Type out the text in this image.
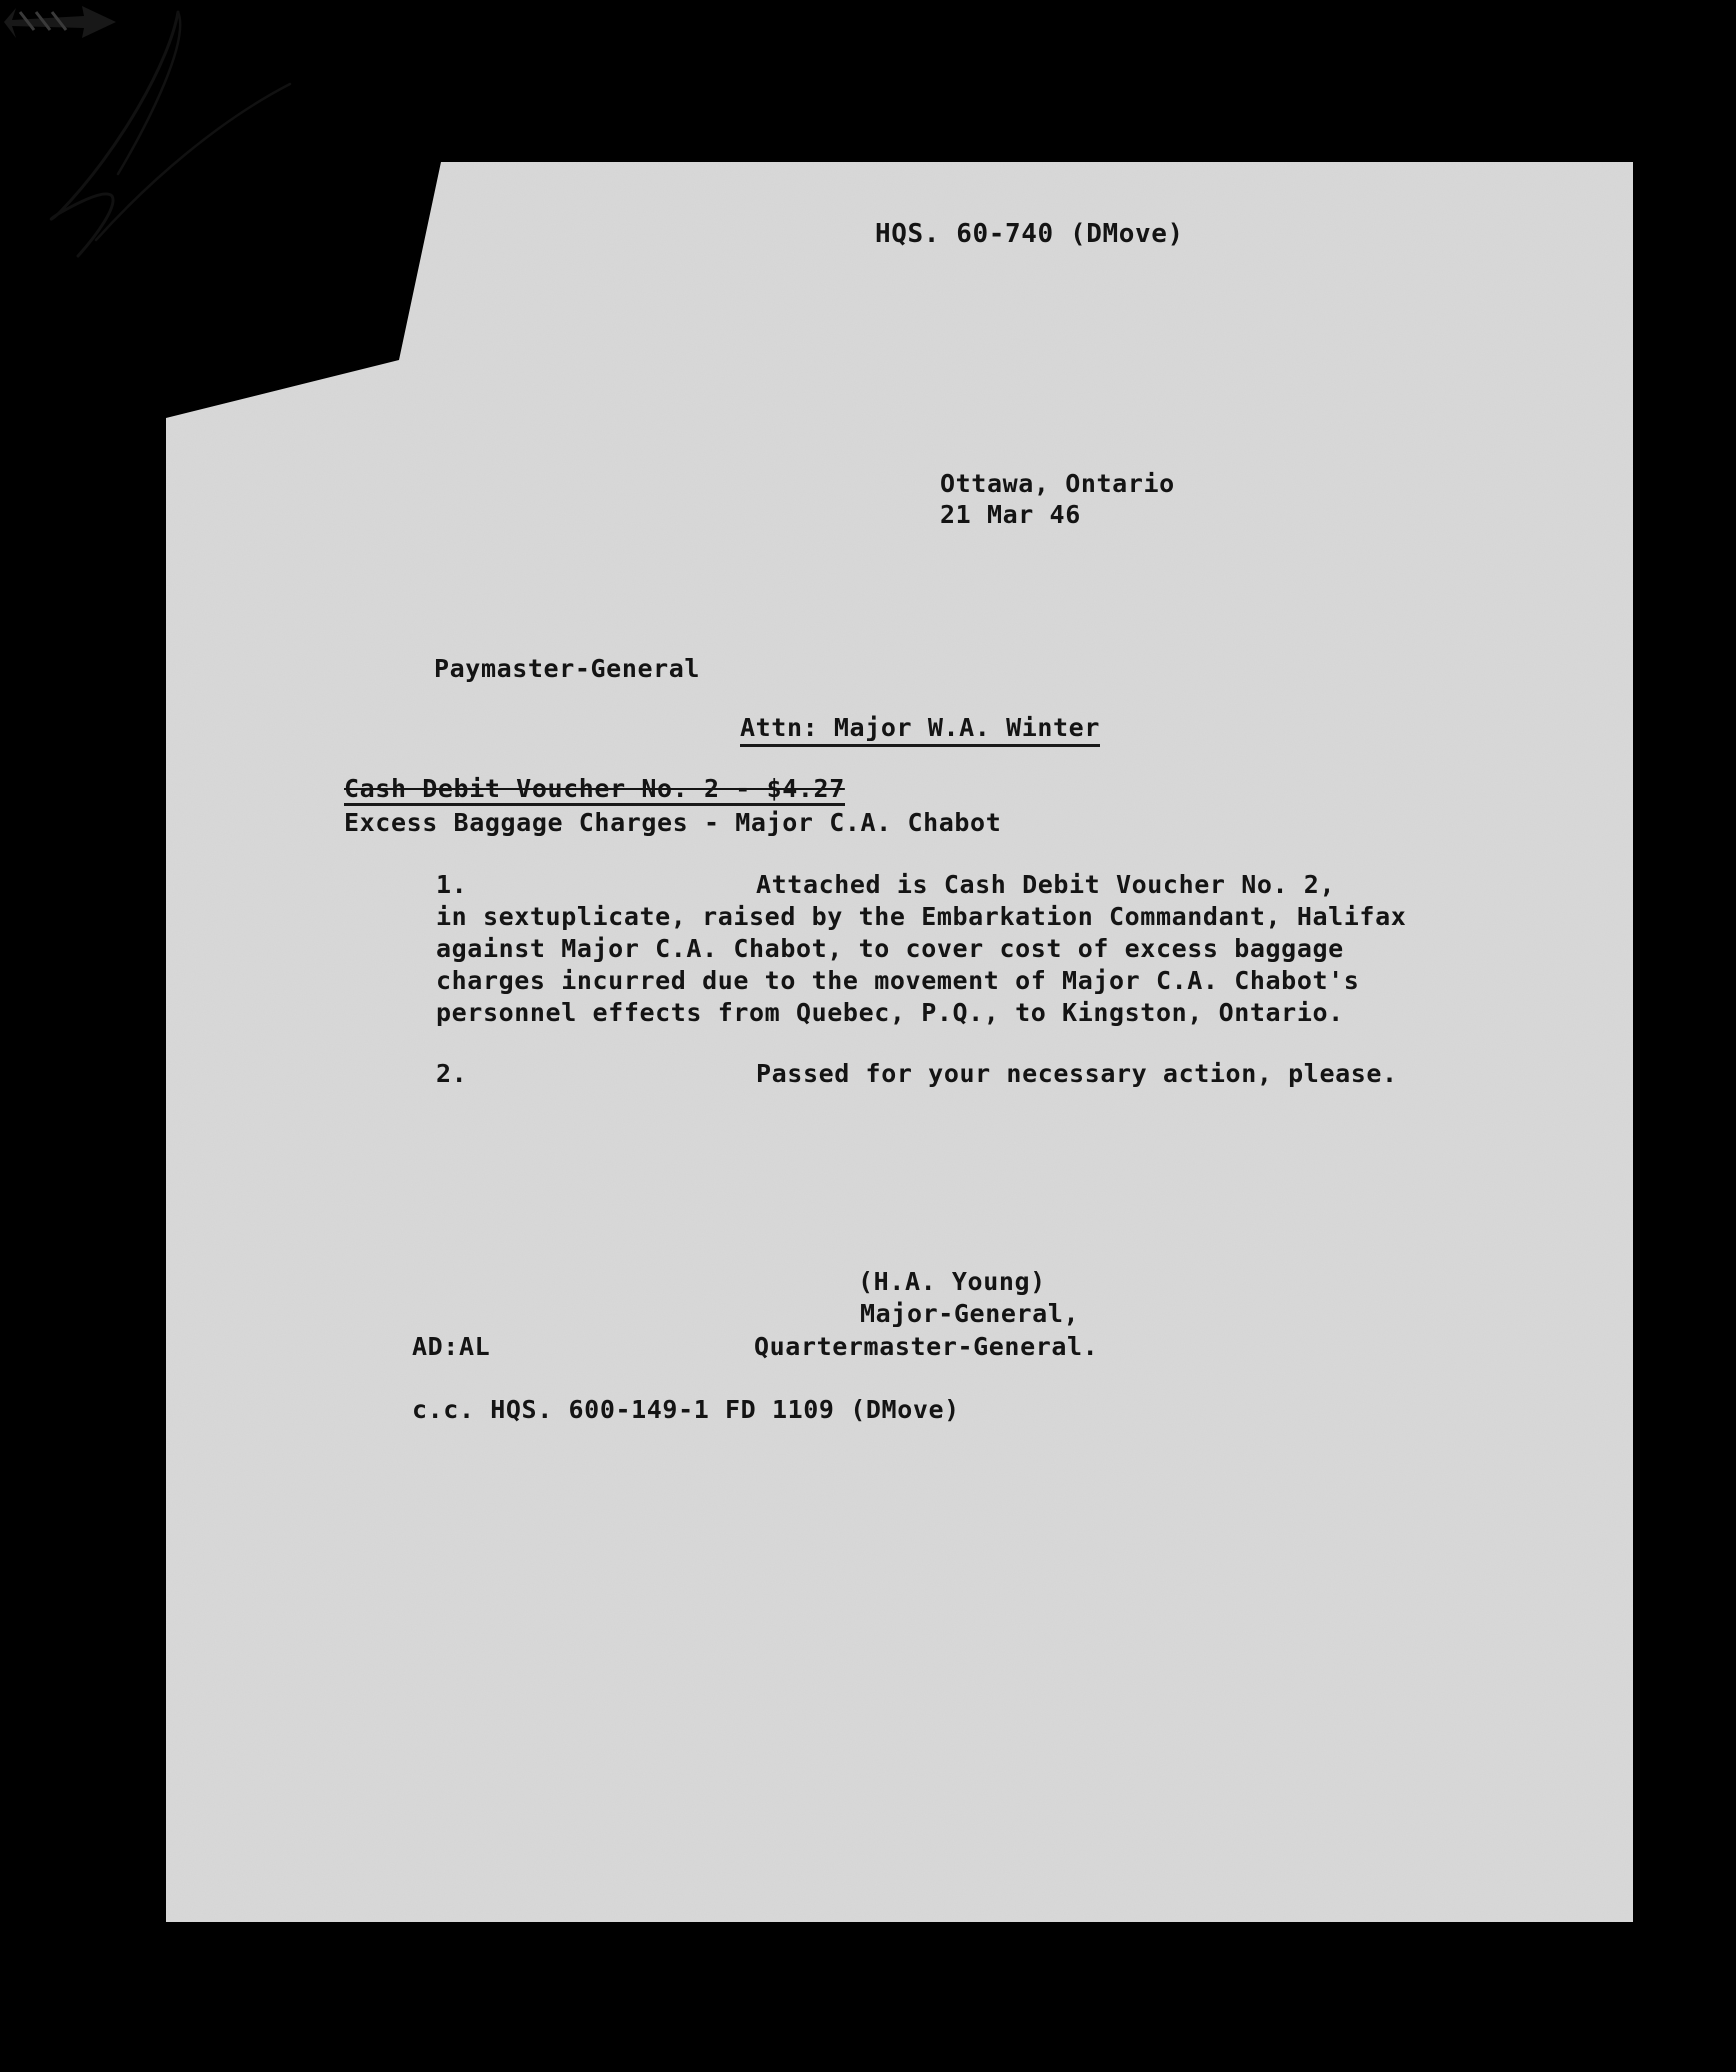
HQS. 60-740 (DMove)
Ottawa, Ontario
21 Mar 46
Paymaster-General
Attn: Major W.A. Winter
Cash Debit Voucher No. 2 - $4.27
Excess Baggage Charges - Major C.A. Chabot
1.	Attached is Cash Debit Voucher No. 2,
in sextuplicate, raised by the Embarkation Commandant, Halifax
against Major C.A. Chabot, to cover cost of excess baggage
charges incurred due to the movement of Major C.A. Chabot's
personnel effects from Quebec, P.Q., to Kingston, Ontario.
2.	Passed for your necessary action, please.
(H.A. Young)
Major-General,
Quartermaster-General.
AD:AL
c.c. HQS. 600-149-1 FD 1109 (DMove)
